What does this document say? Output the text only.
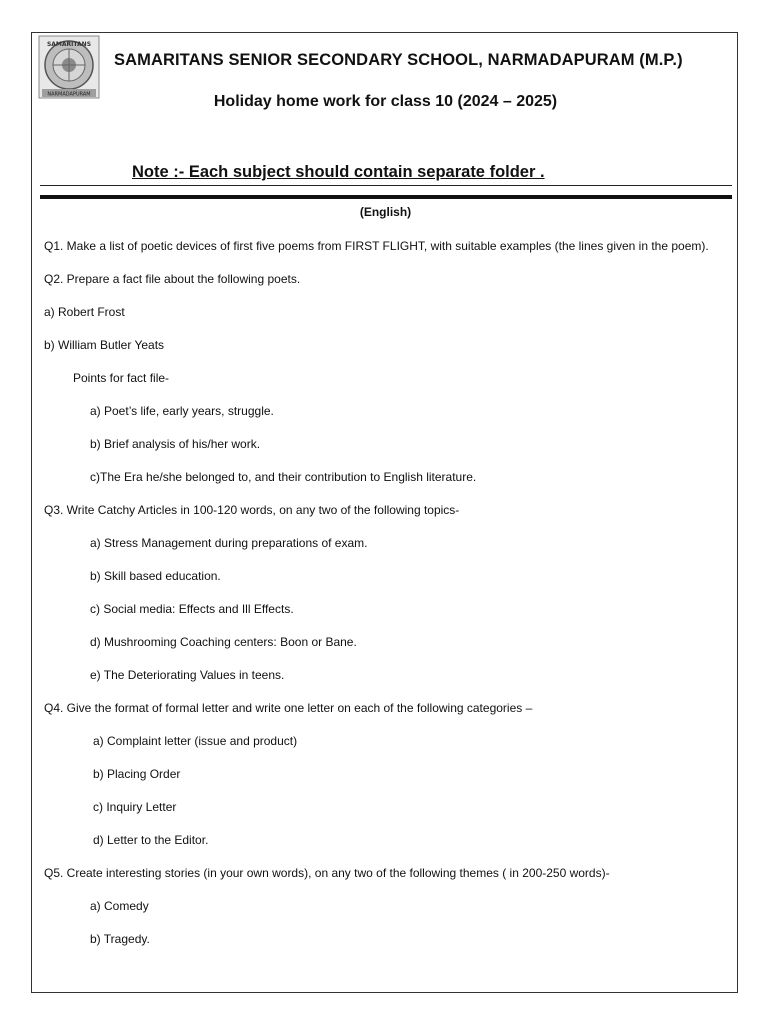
SAMARITANS
NARMADAPURAM
SAMARITANS SENIOR SECONDARY SCHOOL, NARMADAPURAM (M.P.)
Holiday home work for class 10 (2024 – 2025)
Note :- Each subject should contain separate folder .
(English)
Q1. Make a list of poetic devices of first five poems from FIRST FLIGHT, with suitable examples (the lines given in the poem).
Q2. Prepare a fact file about the following poets.
a) Robert Frost
b) William Butler Yeats
Points for fact file-
a) Poet’s life, early years, struggle.
b) Brief analysis of his/her work.
c)The Era he/she belonged to, and their contribution to English literature.
Q3. Write Catchy Articles in 100-120 words, on any two of the following topics-
a) Stress Management during preparations of exam.
b) Skill based education.
c) Social media: Effects and Ill Effects.
d) Mushrooming Coaching centers: Boon or Bane.
e) The Deteriorating Values in teens.
Q4. Give the format of formal letter and write one letter on each of the following categories –
a) Complaint letter (issue and product)
b) Placing Order
c) Inquiry Letter
d) Letter to the Editor.
Q5. Create interesting stories (in your own words), on any two of the following themes ( in 200-250 words)-
a) Comedy
b) Tragedy.
